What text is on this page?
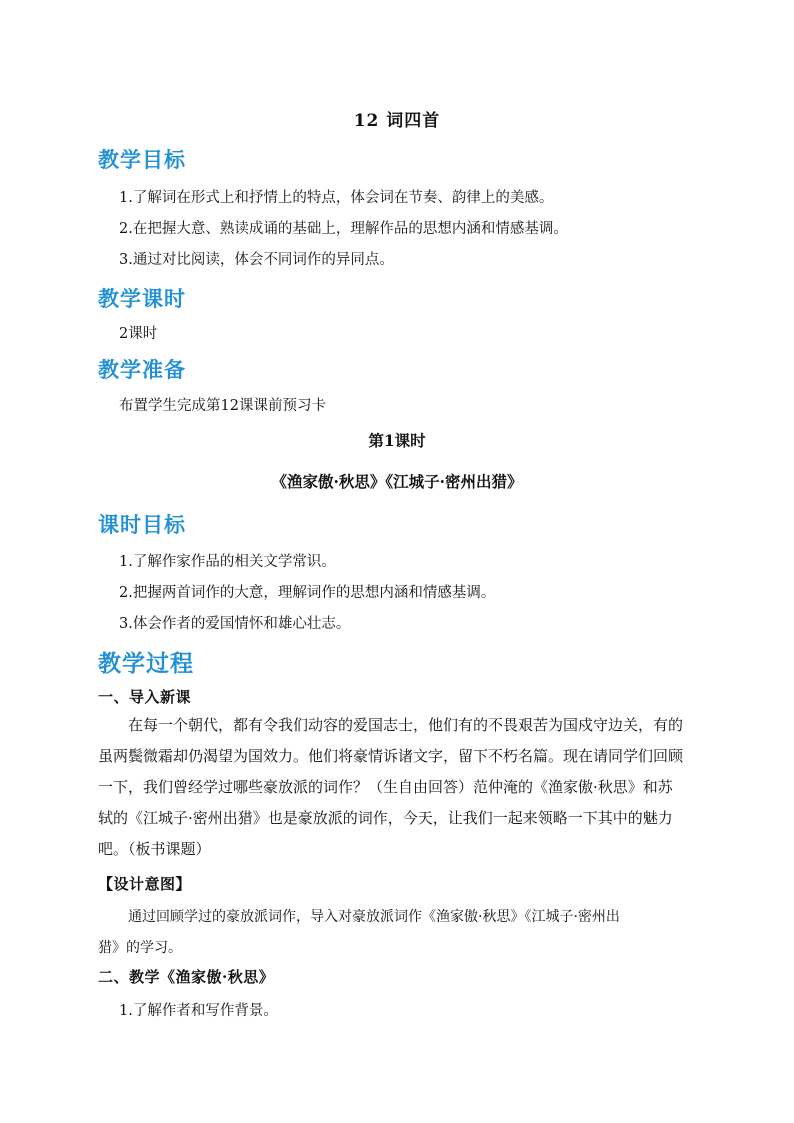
12 词四首
教学目标
1.了解词在形式上和抒情上的特点，体会词在节奏、韵律上的美感。
2.在把握大意、熟读成诵的基础上，理解作品的思想内涵和情感基调。
3.通过对比阅读，体会不同词作的异同点。
教学课时
2课时
教学准备
布置学生完成第12课课前预习卡
第1课时
《渔家傲·秋思》《江城子·密州出猎》
课时目标
1.了解作家作品的相关文学常识。
2.把握两首词作的大意，理解词作的思想内涵和情感基调。
3.体会作者的爱国情怀和雄心壮志。
教学过程
一、导入新课
在每一个朝代，都有令我们动容的爱国志士，他们有的不畏艰苦为国戍守边关，有的
虽两鬓微霜却仍渴望为国效力。他们将豪情诉诸文字，留下不朽名篇。现在请同学们回顾
一下，我们曾经学过哪些豪放派的词作？（生自由回答）范仲淹的《渔家傲·秋思》和苏
轼的《江城子·密州出猎》也是豪放派的词作，今天，让我们一起来领略一下其中的魅力
吧。（板书课题）
【设计意图】
通过回顾学过的豪放派词作，导入对豪放派词作《渔家傲·秋思》《江城子·密州出
猎》的学习。
二、教学《渔家傲·秋思》
1.了解作者和写作背景。
